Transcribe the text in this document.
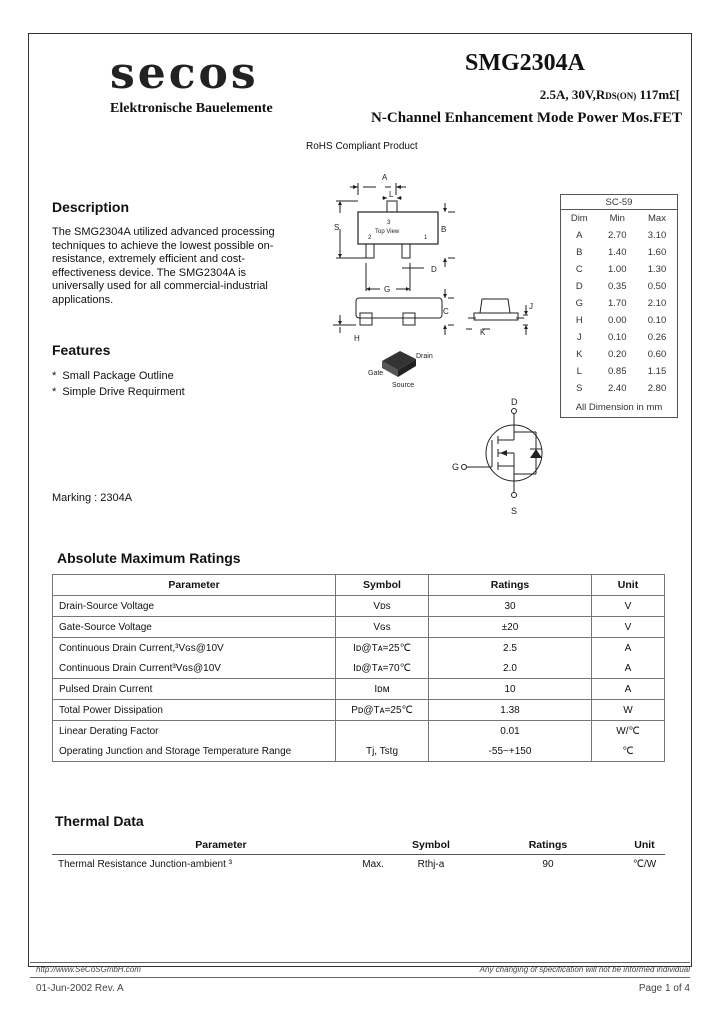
secos
Elektronische Bauelemente
SMG2304A
2.5A, 30V,RDS(ON) 117m£[
N-Channel Enhancement Mode Power Mos.FET
RoHS Compliant Product
Description
The SMG2304A utilized advanced processing techniques to achieve the lowest possible on-resistance, extremely efficient and cost-effectiveness device. The SMG2304A is universally used for all commercial-industrial applications.
Features
*  Small Package Outline
*  Simple Drive Requirment
Marking : 2304A
A
L
S	B
D
G
C
H
J
K
Top View
3
2	1
Drain
Gate
Source
D
G
S
SC-59		
Dim	Min	Max
A	2.70	3.10
B	1.40	1.60
C	1.00	1.30
D	0.35	0.50
G	1.70	2.10
H	0.00	0.10
J	0.10	0.26
K	0.20	0.60
L	0.85	1.15
S	2.40	2.80
All Dimension in mm		
Absolute Maximum Ratings
Parameter	Symbol	Ratings	Unit
Drain-Source Voltage	Vᴅs	30	V
Gate-Source Voltage	Vɢs	±20	V
Continuous Drain Current,³Vɢs@10V	Iᴅ@Tᴀ=25℃	2.5	A
Continuous Drain Current³Vɢs@10V	Iᴅ@Tᴀ=70℃	2.0	A
Pulsed Drain Current	Iᴅᴍ	10	A
Total Power Dissipation	Pᴅ@Tᴀ=25℃	1.38	W
Linear Derating Factor		0.01	W/℃
Operating Junction and Storage Temperature Range	Tj, Tstg	-55~+150	℃
Thermal Data
Parameter		Symbol	Ratings	Unit
Thermal Resistance Junction-ambient ³	Max.	Rthj-a	90	℃/W
http://www.SeCoSGmbH.com	Any changing of specification will not be informed individual
01-Jun-2002 Rev. A	Page 1 of 4
